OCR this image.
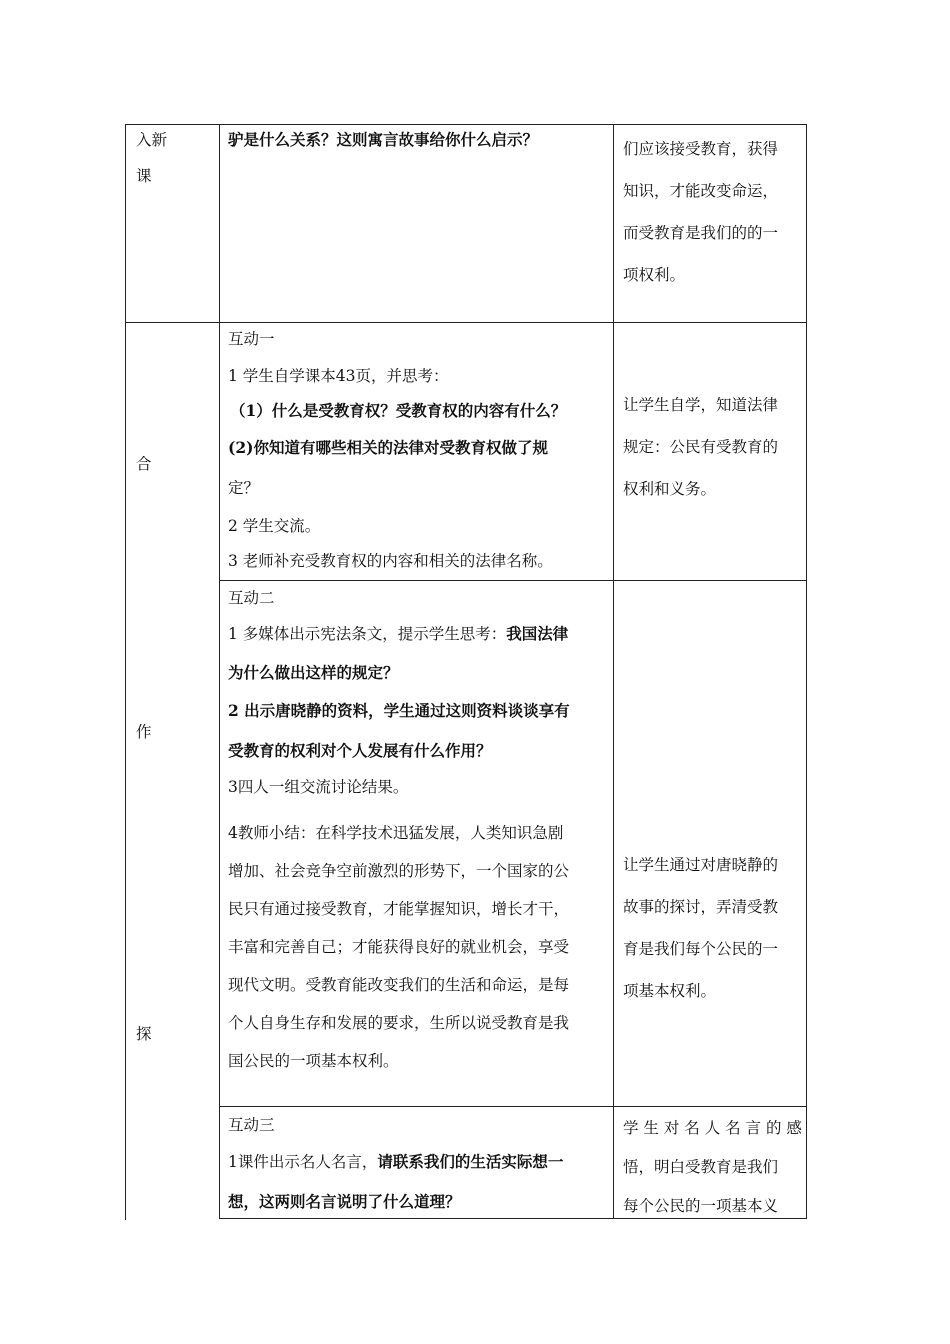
入新
课
合
作
探
驴是什么关系？这则寓言故事给你什么启示？	们应该接受教育，获得
知识，才能改变命运，
而受教育是我们的的一
项权利。
互动一
1 学生自学课本43页，并思考：
（1）什么是受教育权？受教育权的内容有什么？
(2)你知道有哪些相关的法律对受教育权做了规
定？
2 学生交流。
3 老师补充受教育权的内容和相关的法律名称。
让学生自学，知道法律
规定：公民有受教育的
权利和义务。
互动二
1 多媒体出示宪法条文，提示学生思考：我国法律
为什么做出这样的规定？
2 出示唐晓静的资料，学生通过这则资料谈谈享有
受教育的权利对个人发展有什么作用？
3四人一组交流讨论结果。
4教师小结：在科学技术迅猛发展，人类知识急剧
增加、社会竞争空前激烈的形势下，一个国家的公
民只有通过接受教育，才能掌握知识，增长才干，
丰富和完善自己；才能获得良好的就业机会，享受
现代文明。受教育能改变我们的生活和命运，是每
个人自身生存和发展的要求，生所以说受教育是我
国公民的一项基本权利。
让学生通过对唐晓静的
故事的探讨，弄清受教
育是我们每个公民的一
项基本权利。
互动三
1课件出示名人名言，请联系我们的生活实际想一
想，这两则名言说明了什么道理？
学 生 对 名 人 名 言 的 感
悟，明白受教育是我们
每个公民的一项基本义
